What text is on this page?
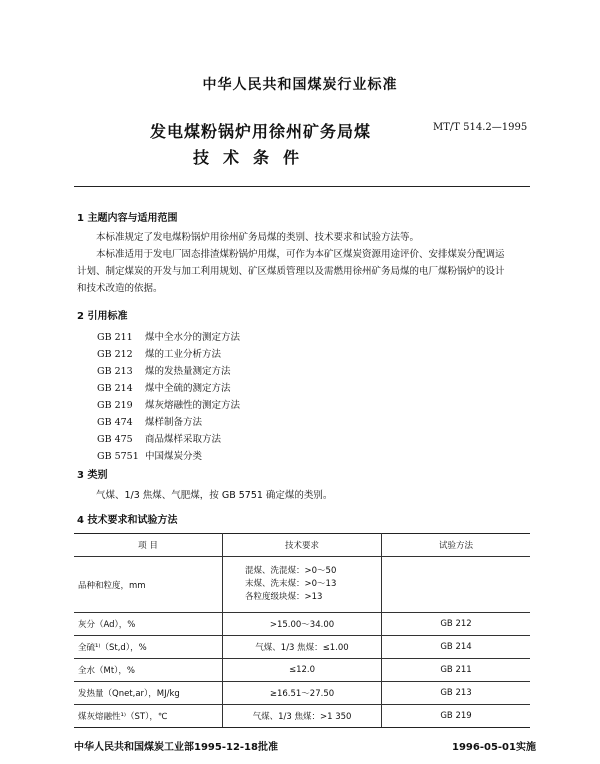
中华人民共和国煤炭行业标准
发电煤粉锅炉用徐州矿务局煤
技术条件
MT/T 514.2—1995
1 主题内容与适用范围
本标准规定了发电煤粉锅炉用徐州矿务局煤的类别、技术要求和试验方法等。
本标准适用于发电厂固态排渣煤粉锅炉用煤，可作为本矿区煤炭资源用途评价、安排煤炭分配调运
计划、制定煤炭的开发与加工利用规划、矿区煤质管理以及需燃用徐州矿务局煤的电厂煤粉锅炉的设计
和技术改造的依据。
2 引用标准
GB 211 煤中全水分的测定方法
GB 212 煤的工业分析方法
GB 213 煤的发热量测定方法
GB 214 煤中全硫的测定方法
GB 219 煤灰熔融性的测定方法
GB 474 煤样制备方法
GB 475 商品煤样采取方法
GB 5751 中国煤炭分类
3 类别
气煤、1/3 焦煤、气肥煤，按 GB 5751 确定煤的类别。
4 技术要求和试验方法
项 目	技术要求	试验方法
品种和粒度，mm	混煤、洗混煤：>0～50
末煤、洗末煤：>0～13
各粒度级块煤：>13	

灰分（Ad），%	>15.00～34.00	GB 212
全硫¹⁾（St,d），%	气煤、1/3 焦煤：≤1.00	GB 214
全水（Mt），%	≤12.0	GB 211
发热量（Qnet,ar），MJ/kg	≥16.51～27.50	GB 213
煤灰熔融性¹⁾（ST），℃	气煤、1/3 焦煤：>1 350	GB 219
中华人民共和国煤炭工业部1995-12-18批准	1996-05-01实施
